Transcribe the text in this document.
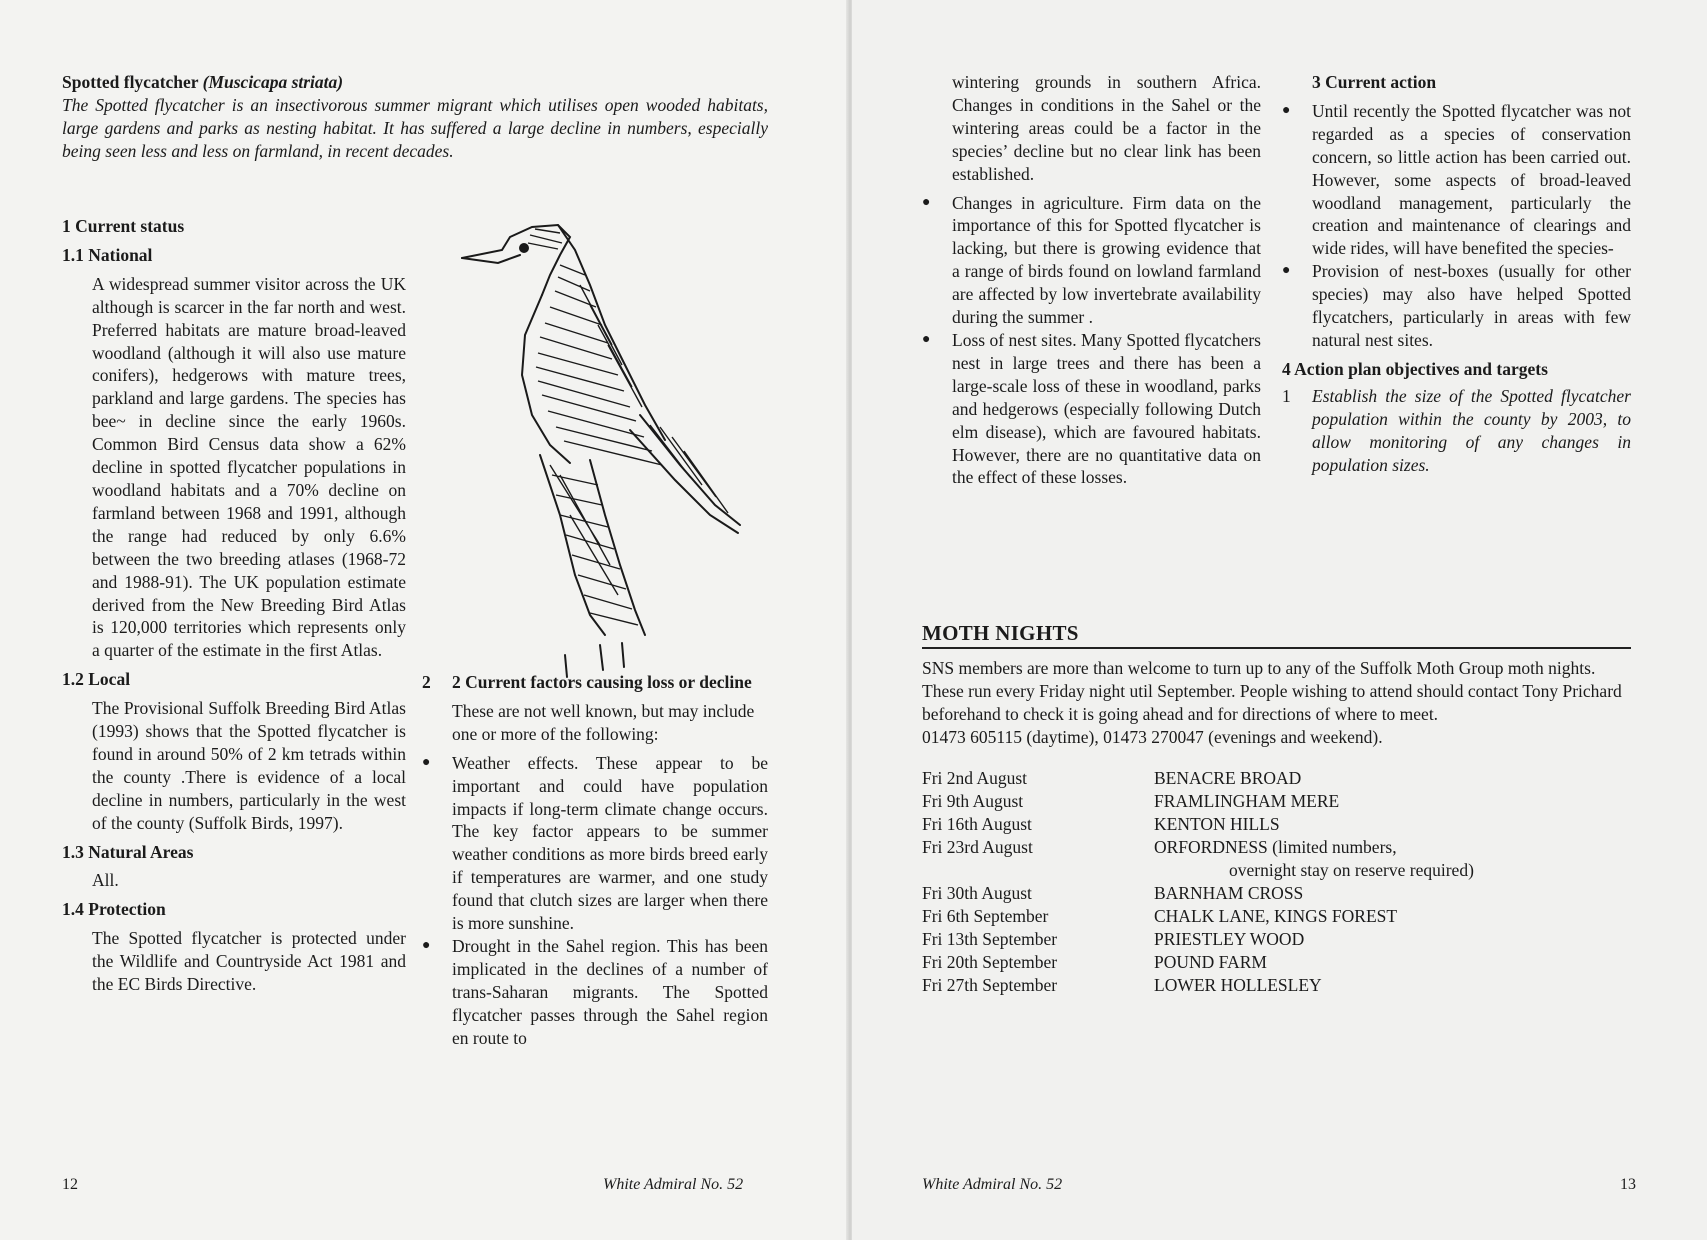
Spotted flycatcher (Muscicapa striata)

The Spotted flycatcher is an insectivorous summer migrant which utilises open wooded habitats, large gardens and parks as nesting habitat. It has suffered a large decline in numbers, especially being seen less and less on farmland, in recent decades.

1 Current status
1.1 National

A widespread summer visitor across the UK although is scarcer in the far north and west. Preferred habitats are mature broad-leaved woodland (although it will also use mature conifers), hedgerows with mature trees, parkland and large gardens. The species has bee~ in decline since the early 1960s. Common Bird Census data show a 62% decline in spotted flycatcher populations in woodland habitats and a 70% decline on farmland between 1968 and 1991, although the range had reduced by only 6.6% between the two breeding atlases (1968-72 and 1988-91). The UK population estimate derived from the New Breeding Bird Atlas is 120,000 territories which represents only a quarter of the estimate in the first Atlas.

1.2 Local

The Provisional Suffolk Breeding Bird Atlas (1993) shows that the Spotted flycatcher is found in around 50% of 2 km tetrads within the county .There is evidence of a local decline in numbers, particularly in the west of the county (Suffolk Birds, 1997).

1.3 Natural Areas

All.

1.4 Protection

The Spotted flycatcher is protected under the Wildlife and Countryside Act 1981 and the EC Birds Directive.

2 2 Current factors causing loss or decline

These are not well known, but may include one or more of the following:

● Weather effects. These appear to be important and could have population impacts if long-term climate change occurs. The key factor appears to be summer weather conditions as more birds breed early if temperatures are warmer, and one study found that clutch sizes are larger when there is more sunshine.

● Drought in the Sahel region. This has been implicated in the declines of a number of trans-Saharan migrants. The Spotted flycatcher passes through the Sahel region en route to

12	White Admiral No. 52

wintering grounds in southern Africa. Changes in conditions in the Sahel or the wintering areas could be a factor in the species’ decline but no clear link has been established.

● Changes in agriculture. Firm data on the importance of this for Spotted flycatcher is lacking, but there is growing evidence that a range of birds found on lowland farmland are affected by low invertebrate availability during the summer .

● Loss of nest sites. Many Spotted flycatchers nest in large trees and there has been a large-scale loss of these in woodland, parks and hedgerows (especially following Dutch elm disease), which are favoured habitats. However, there are no quantitative data on the effect of these losses.

3 Current action

● Until recently the Spotted flycatcher was not regarded as a species of conservation concern, so little action has been carried out. However, some aspects of broad-leaved woodland management, particularly the creation and maintenance of clearings and wide rides, will have benefited the species-

● Provision of nest-boxes (usually for other species) may also have helped Spotted flycatchers, particularly in areas with few natural nest sites.

4 Action plan objectives and targets
1 Establish the size of the Spotted flycatcher population within the county by 2003, to allow monitoring of any changes in population sizes.

MOTH NIGHTS

SNS members are more than welcome to turn up to any of the Suffolk Moth Group moth nights.

These run every Friday night util September. People wishing to attend should contact Tony Prichard beforehand to check it is going ahead and for directions of where to meet.

01473 605115 (daytime), 01473 270047 (evenings and weekend).

Fri 2nd August	BENACRE BROAD
Fri 9th August	FRAMLINGHAM MERE
Fri 16th August	KENTON HILLS
Fri 23rd August	ORFORDNESS (limited numbers,
overnight stay on reserve required)

Fri 30th August	BARNHAM CROSS
Fri 6th September	CHALK LANE, KINGS FOREST
Fri 13th September	PRIESTLEY WOOD
Fri 20th September	POUND FARM
Fri 27th September	LOWER HOLLESLEY
White Admiral No. 52	13
